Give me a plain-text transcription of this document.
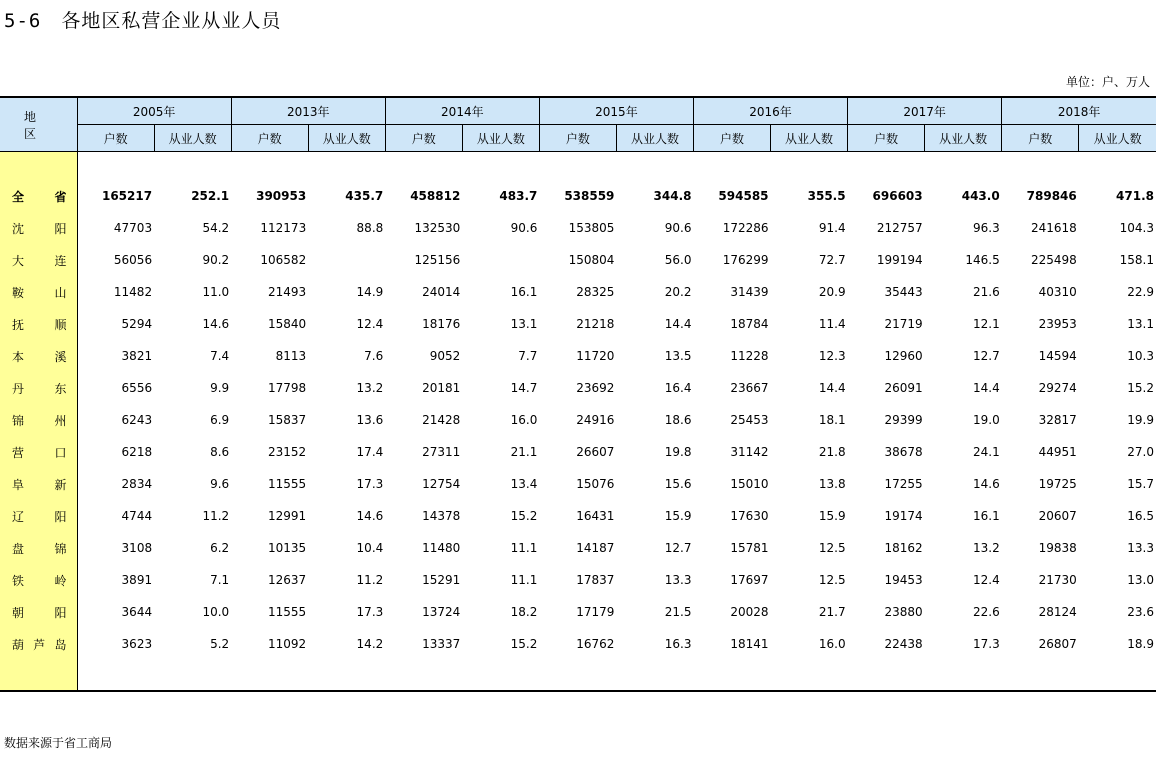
5-6　各地区私营企业从业人员
单位：户、万人
地区	2005年		2013年		2014年		2015年		2016年		2017年		2018年	
	户数	从业人数	户数	从业人数	户数	从业人数	户数	从业人数	户数	从业人数	户数	从业人数	户数	从业人数

全省	165217	252.1	390953	435.7	458812	483.7	538559	344.8	594585	355.5	696603	443.0	789846	471.8
沈阳	47703	54.2	112173	88.8	132530	90.6	153805	90.6	172286	91.4	212757	96.3	241618	104.3
大连	56056	90.2	106582		125156		150804	56.0	176299	72.7	199194	146.5	225498	158.1
鞍山	11482	11.0	21493	14.9	24014	16.1	28325	20.2	31439	20.9	35443	21.6	40310	22.9
抚顺	5294	14.6	15840	12.4	18176	13.1	21218	14.4	18784	11.4	21719	12.1	23953	13.1
本溪	3821	7.4	8113	7.6	9052	7.7	11720	13.5	11228	12.3	12960	12.7	14594	10.3
丹东	6556	9.9	17798	13.2	20181	14.7	23692	16.4	23667	14.4	26091	14.4	29274	15.2
锦州	6243	6.9	15837	13.6	21428	16.0	24916	18.6	25453	18.1	29399	19.0	32817	19.9
营口	6218	8.6	23152	17.4	27311	21.1	26607	19.8	31142	21.8	38678	24.1	44951	27.0
阜新	2834	9.6	11555	17.3	12754	13.4	15076	15.6	15010	13.8	17255	14.6	19725	15.7
辽阳	4744	11.2	12991	14.6	14378	15.2	16431	15.9	17630	15.9	19174	16.1	20607	16.5
盘锦	3108	6.2	10135	10.4	11480	11.1	14187	12.7	15781	12.5	18162	13.2	19838	13.3
铁岭	3891	7.1	12637	11.2	15291	11.1	17837	13.3	17697	12.5	19453	12.4	21730	13.0
朝阳	3644	10.0	11555	17.3	13724	18.2	17179	21.5	20028	21.7	23880	22.6	28124	23.6
葫芦岛	3623	5.2	11092	14.2	13337	15.2	16762	16.3	18141	16.0	22438	17.3	26807	18.9

数据来源于省工商局
